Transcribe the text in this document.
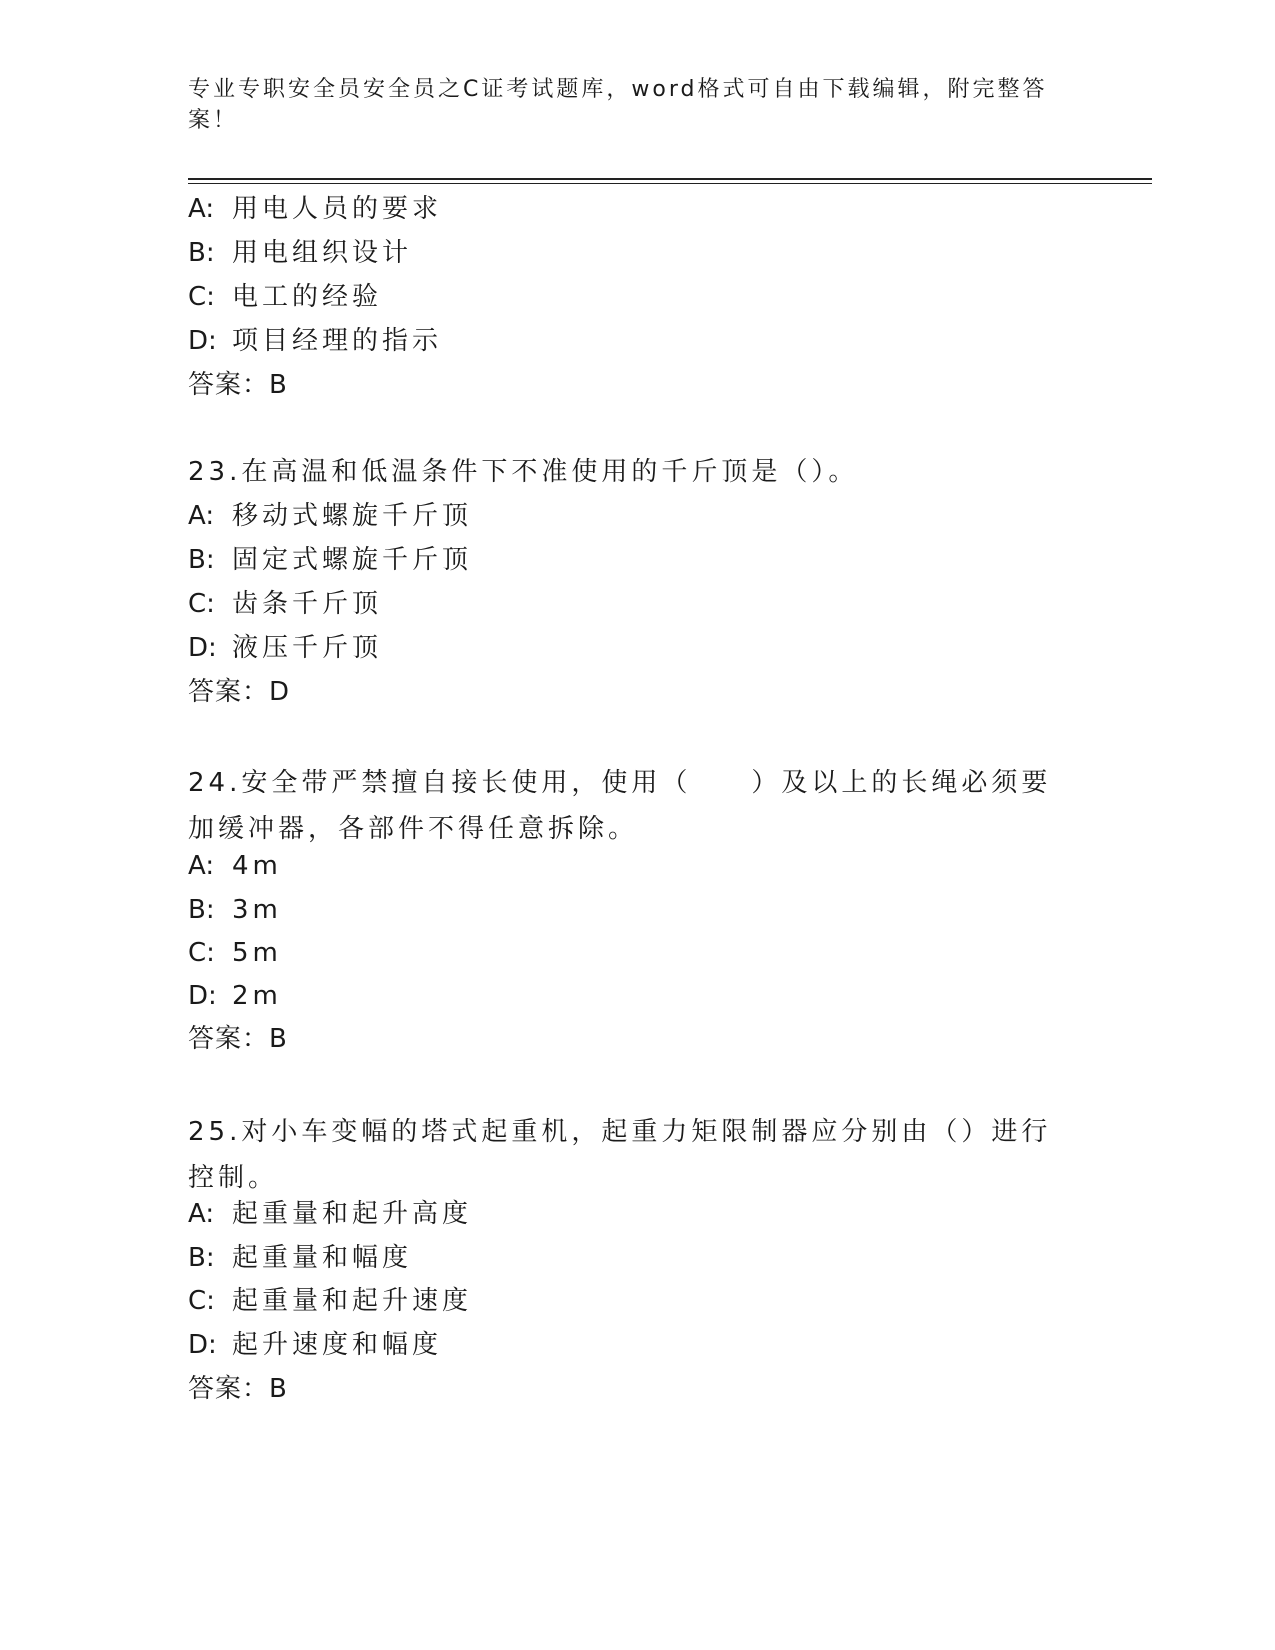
专业专职安全员安全员之C证考试题库，word格式可自由下载编辑，附完整答案！
A: 用电人员的要求
B: 用电组织设计
C: 电工的经验
D: 项目经理的指示
答案：B
23.在高温和低温条件下不准使用的千斤顶是（）。
A: 移动式螺旋千斤顶
B: 固定式螺旋千斤顶
C: 齿条千斤顶
D: 液压千斤顶
答案：D
24.安全带严禁擅自接长使用，使用（　　）及以上的长绳必须要加缓冲器，各部件不得任意拆除。
A: 4m
B: 3m
C: 5m
D: 2m
答案：B
25.对小车变幅的塔式起重机，起重力矩限制器应分别由（）进行控制。
A: 起重量和起升高度
B: 起重量和幅度
C: 起重量和起升速度
D: 起升速度和幅度
答案：B
